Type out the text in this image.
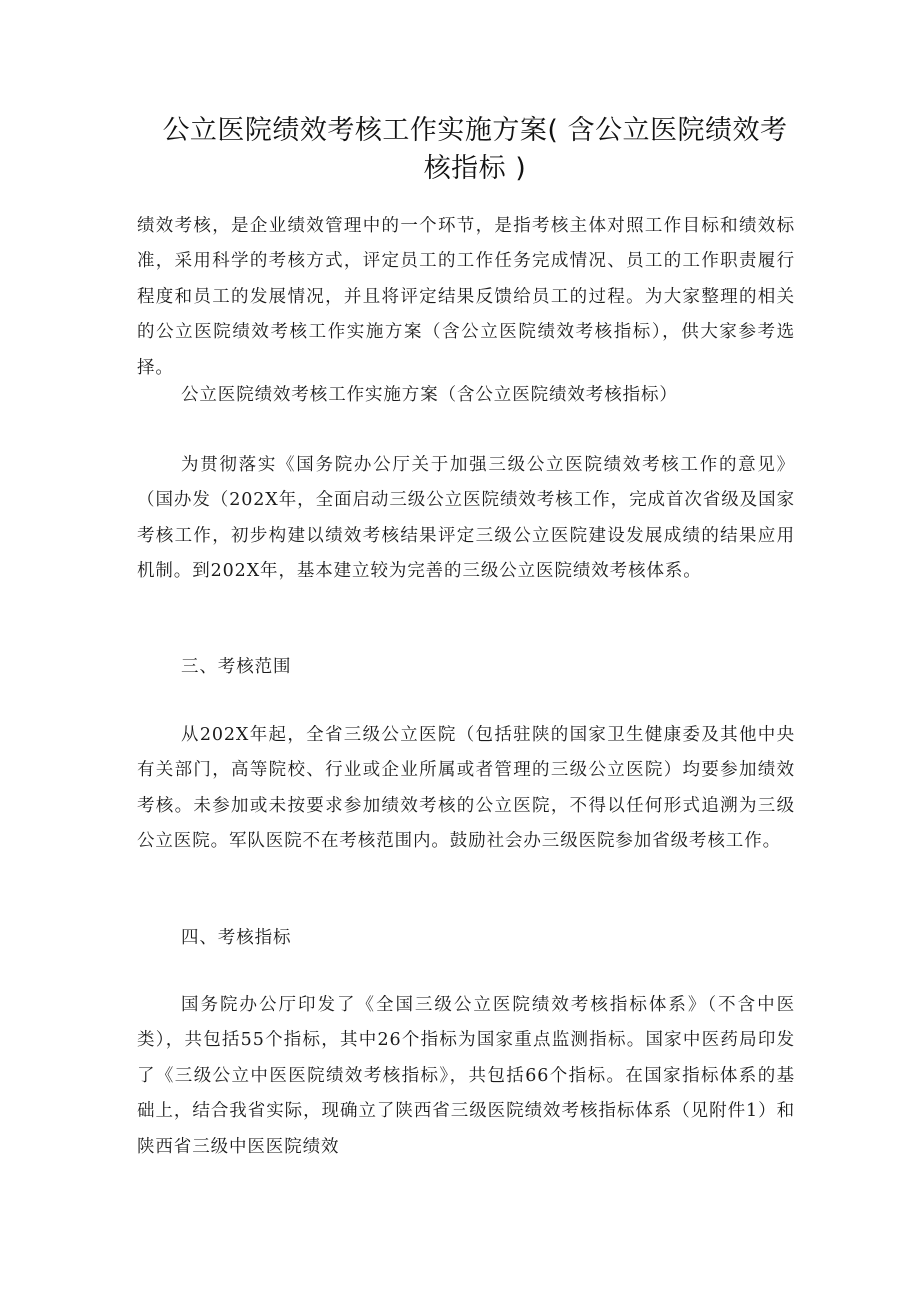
公立医院绩效考核工作实施方案( 含公立医院绩效考核指标 )

绩效考核，是企业绩效管理中的一个环节，是指考核主体对照工作目标和绩效标准，采用科学的考核方式，评定员工的工作任务完成情况、员工的工作职责履行程度和员工的发展情况，并且将评定结果反馈给员工的过程。为大家整理的相关的公立医院绩效考核工作实施方案（含公立医院绩效考核指标），供大家参考选择。

公立医院绩效考核工作实施方案（含公立医院绩效考核指标）

为贯彻落实《国务院办公厅关于加强三级公立医院绩效考核工作的意见》（国办发（202X年，全面启动三级公立医院绩效考核工作，完成首次省级及国家考核工作，初步构建以绩效考核结果评定三级公立医院建设发展成绩的结果应用机制。到202X年，基本建立较为完善的三级公立医院绩效考核体系。

三、考核范围

从202X年起，全省三级公立医院（包括驻陕的国家卫生健康委及其他中央有关部门，高等院校、行业或企业所属或者管理的三级公立医院）均要参加绩效考核。未参加或未按要求参加绩效考核的公立医院，不得以任何形式追溯为三级公立医院。军队医院不在考核范围内。鼓励社会办三级医院参加省级考核工作。

四、考核指标

国务院办公厅印发了《全国三级公立医院绩效考核指标体系》（不含中医类），共包括55个指标，其中26个指标为国家重点监测指标。国家中医药局印发了《三级公立中医医院绩效考核指标》，共包括66个指标。在国家指标体系的基础上，结合我省实际，现确立了陕西省三级医院绩效考核指标体系（见附件1）和陕西省三级中医医院绩效
